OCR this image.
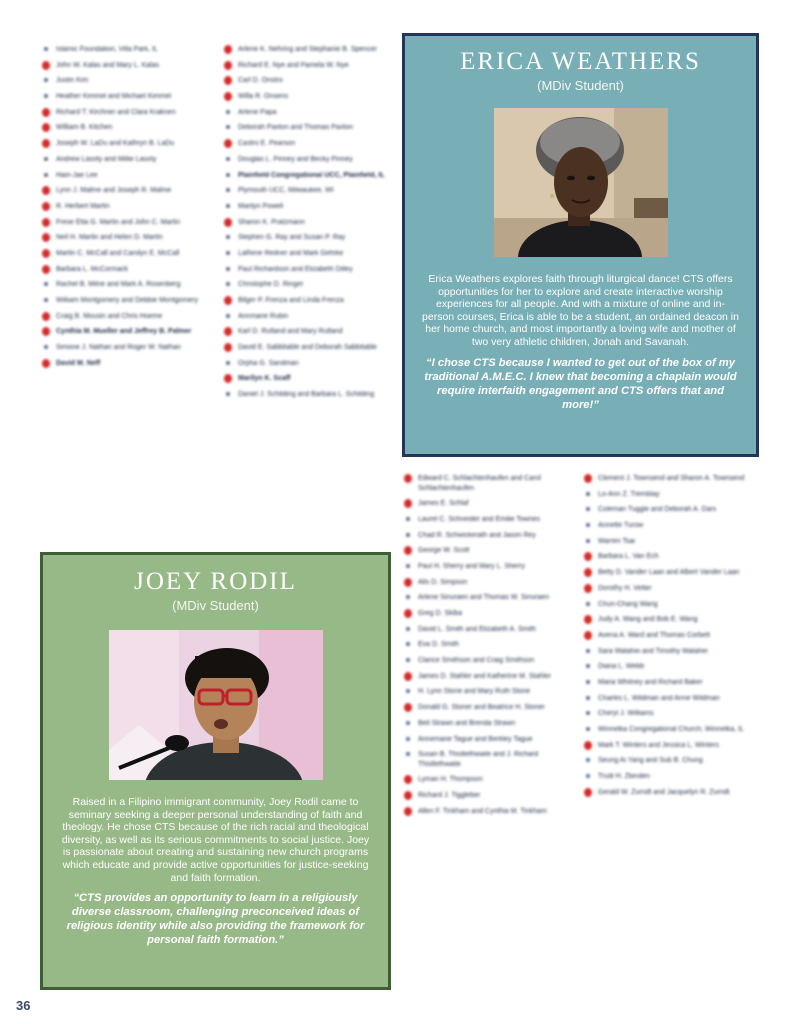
Islamic Foundation, Villa Park, IL
John W. Kalas and Mary L. Kalas
Justin Kim
Heather Kimmel and Michael Kimmel
Richard T. Kirchner and Clara Kraknen
William B. Kitchen
Joseph W. LaDu and Kathryn B. LaDu
Andrew Lasoty and Millie Lasoty
Hain-Jae Lee
Lynn J. Malme and Joseph R. Malme
R. Herbert Martin
Frese Etta G. Martin and John C. Martin
Neil H. Martin and Helen D. Martin
Martin C. McCall and Carolyn E. McCall
Barbara L. McCormack
Rachel B. Milne and Mark A. Rosenberg
William Montgomery and Debbie Montgomery
Craig B. Mousin and Chris Hoeme
Cynthia M. Mueller and Jeffrey B. Palmer
Simone J. Nathan and Roger W. Nathan
David M. Neff
Arlene K. Nehring and Stephanie B. Spencer
Richard E. Nye and Pamela W. Nye
Carl D. Onstro
Willa R. Onsens
Arlene Papa
Deborah Paxton and Thomas Paxton
Castro E. Pearson
Douglas L. Pinney and Becky Pinney
Plainfield Congregational UCC, Plainfield, IL
Plymouth UCC, Milwaukee, WI
Marilyn Powell
Sharon K. Pratzmann
Stephen G. Ray and Susan P. Ray
LaRene Redner and Mark Gehrke
Paul Richardson and Elizabeth Dilley
Christophe D. Ringer
Bilger P. Frenza and Linda Frenza
Annmarie Rubin
Karl D. Rutland and Mary Rutland
David E. Sabbitable and Deborah Sabbitable
Orpha G. Sandman
Marilyn K. Scaff
Daniel J. Schilding and Barbara L. Schilding
Edward C. Schlachtenhaufen and Carol Schlachtenhaufen
James E. Schlaf
Laurel C. Schneider and Emilie Townes
Chad R. Schwickerath and Jason Rey
George W. Scott
Paul H. Sherry and Mary L. Sherry
Alis D. Simpson
Arlene Sinuraen and Thomas W. Sinuraen
Greg D. Skiba
David L. Smith and Elizabeth A. Smith
Eva D. Smith
Clarice Smithson and Craig Smithson
James D. Stahler and Katherine M. Stahler
H. Lynn Stone and Mary Ruth Stone
Donald G. Stoner and Beatrice H. Stoner
Bell Strawn and Brenda Strawn
Annemarie Tague and Berkley Tague
Susan B. Thistlethwaite and J. Richard Thistlethwaite
Lyman H. Thompson
Richard J. Tiggleber
Allen F. Tinkham and Cynthia M. Tinkham
Clement J. Townsend and Sharon A. Townsend
Lo-Ann Z. Tremblay
Coleman Tuggle and Deborah A. Dars
Annette Turow
Warren Tsai
Barbara L. Van Ech
Betty D. Vander Laan and Albert Vander Laan
Dorothy H. Vetter
Chun-Chang Wang
Judy A. Wang and Bob E. Wang
Avena A. Ward and Thomas Corbett
Sara Watahei and Timothy Watahei
Diana L. Webb
Maria Whitney and Richard Baker
Charles L. Wildman and Anne Wildman
Cheryl J. Williams
Winnetka Congregational Church, Winnetka, IL
Mark T. Winters and Jessica L. Winters
Seung Ai Yang and Sub B. Chung
Trudi H. Zbinden
Gerald W. Zurndt and Jacquelyn R. Zurndt
ERICA WEATHERS
(MDiv Student)
Erica Weathers explores faith through liturgical dance! CTS offers opportunities for her to explore and create interactive worship experiences for all people. And with a mixture of online and in-person courses, Erica is able to be a student, an ordained deacon in her home church, and most importantly a loving wife and mother of two very athletic children, Jonah and Savanah.
“I chose CTS because I wanted to get out of the box of my traditional A.M.E.C. I knew that becoming a chaplain would require interfaith engagement and CTS offers that and more!”
JOEY RODIL
(MDiv Student)
Raised in a Filipino immigrant community, Joey Rodil came to seminary seeking a deeper personal understanding of faith and theology. He chose CTS because of the rich racial and theological diversity, as well as its serious commitments to social justice. Joey is passionate about creating and sustaining new church programs which educate and provide active opportunities for justice-seeking and faith formation.
“CTS provides an opportunity to learn in a religiously diverse classroom, challenging preconceived ideas of religious identity while also providing the framework for personal faith formation.”
36
